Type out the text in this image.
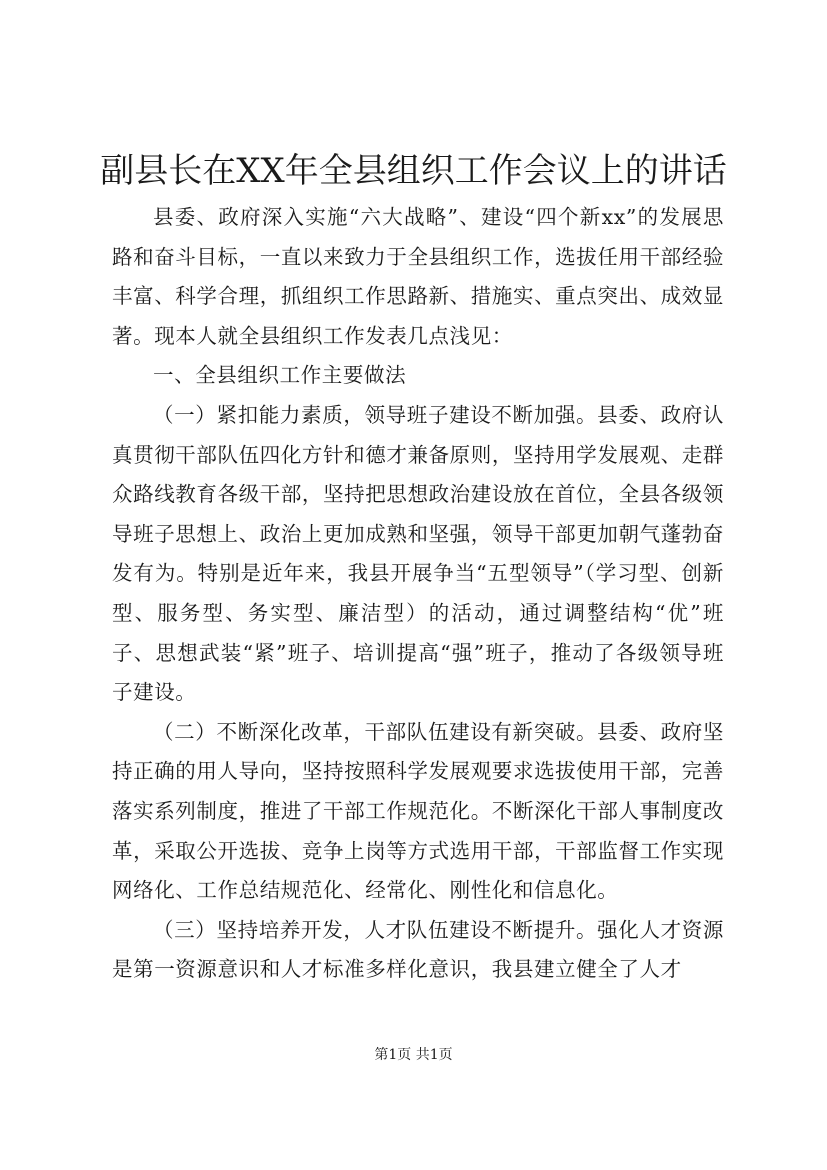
副县长在XX年全县组织工作会议上的讲话

县委、政府深入实施“六大战略”、建设“四个新xx”的发展思路和奋斗目标，一直以来致力于全县组织工作，选拔任用干部经验丰富、科学合理，抓组织工作思路新、措施实、重点突出、成效显著。现本人就全县组织工作发表几点浅见：

一、全县组织工作主要做法

（一）紧扣能力素质，领导班子建设不断加强。县委、政府认真贯彻干部队伍四化方针和德才兼备原则，坚持用学发展观、走群众路线教育各级干部，坚持把思想政治建设放在首位，全县各级领导班子思想上、政治上更加成熟和坚强，领导干部更加朝气蓬勃奋发有为。特别是近年来，我县开展争当“五型领导”（学习型、创新型、服务型、务实型、廉洁型）的活动，通过调整结构“优”班子、思想武装“紧”班子、培训提高“强”班子，推动了各级领导班子建设。

（二）不断深化改革，干部队伍建设有新突破。县委、政府坚持正确的用人导向，坚持按照科学发展观要求选拔使用干部，完善落实系列制度，推进了干部工作规范化。不断深化干部人事制度改革，采取公开选拔、竞争上岗等方式选用干部，干部监督工作实现网络化、工作总结规范化、经常化、刚性化和信息化。

（三）坚持培养开发，人才队伍建设不断提升。强化人才资源是第一资源意识和人才标准多样化意识，我县建立健全了人才

第1页 共1页
